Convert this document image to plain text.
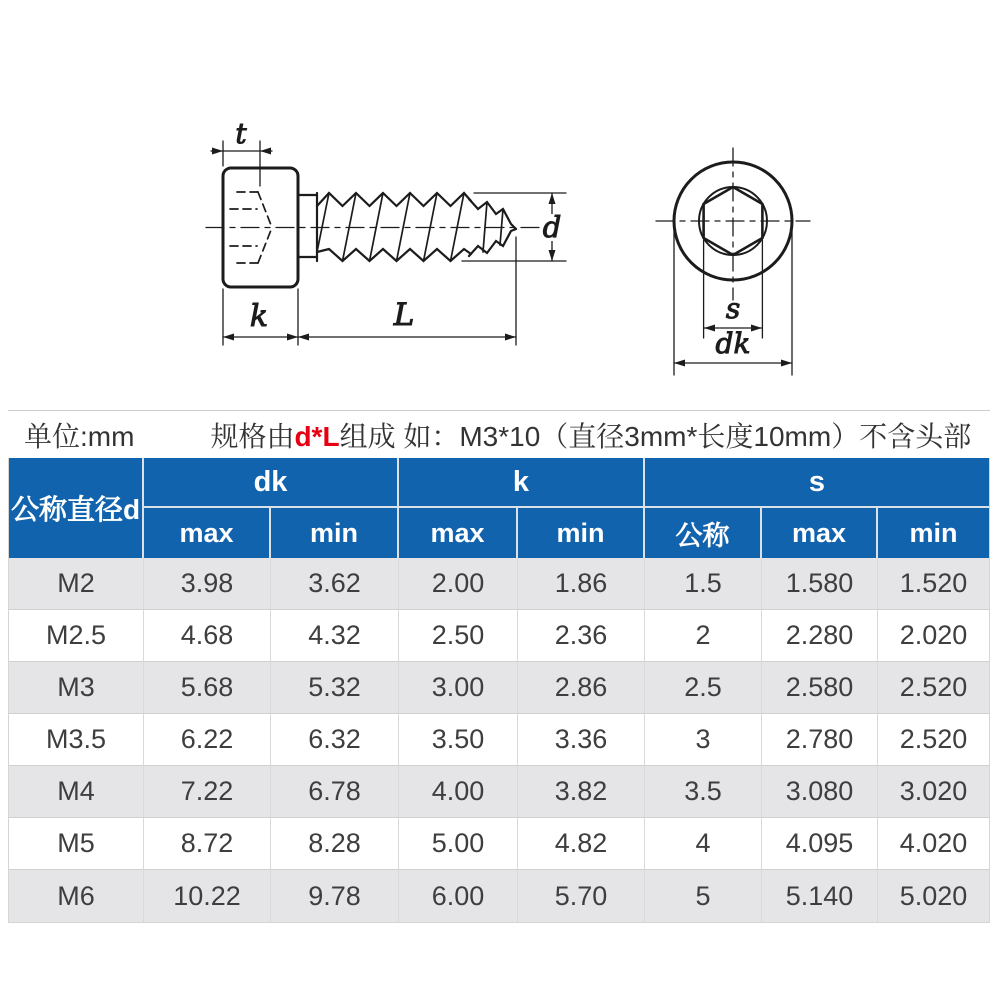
t
d
k	L	s
dk
单位:mm	规格由d*L组成 如：M3*10（直径3mm*长度10mm）不含头部
公称直径d
dk	k	s
max	min	max	min	公称	max	min
M2	3.98	3.62	2.00	1.86	1.5	1.580	1.520
M2.5	4.68	4.32	2.50	2.36	2	2.280	2.020
M3	5.68	5.32	3.00	2.86	2.5	2.580	2.520
M3.5	6.22	6.32	3.50	3.36	3	2.780	2.520
M4	7.22	6.78	4.00	3.82	3.5	3.080	3.020
M5	8.72	8.28	5.00	4.82	4	4.095	4.020
M6	10.22	9.78	6.00	5.70	5	5.140	5.020
